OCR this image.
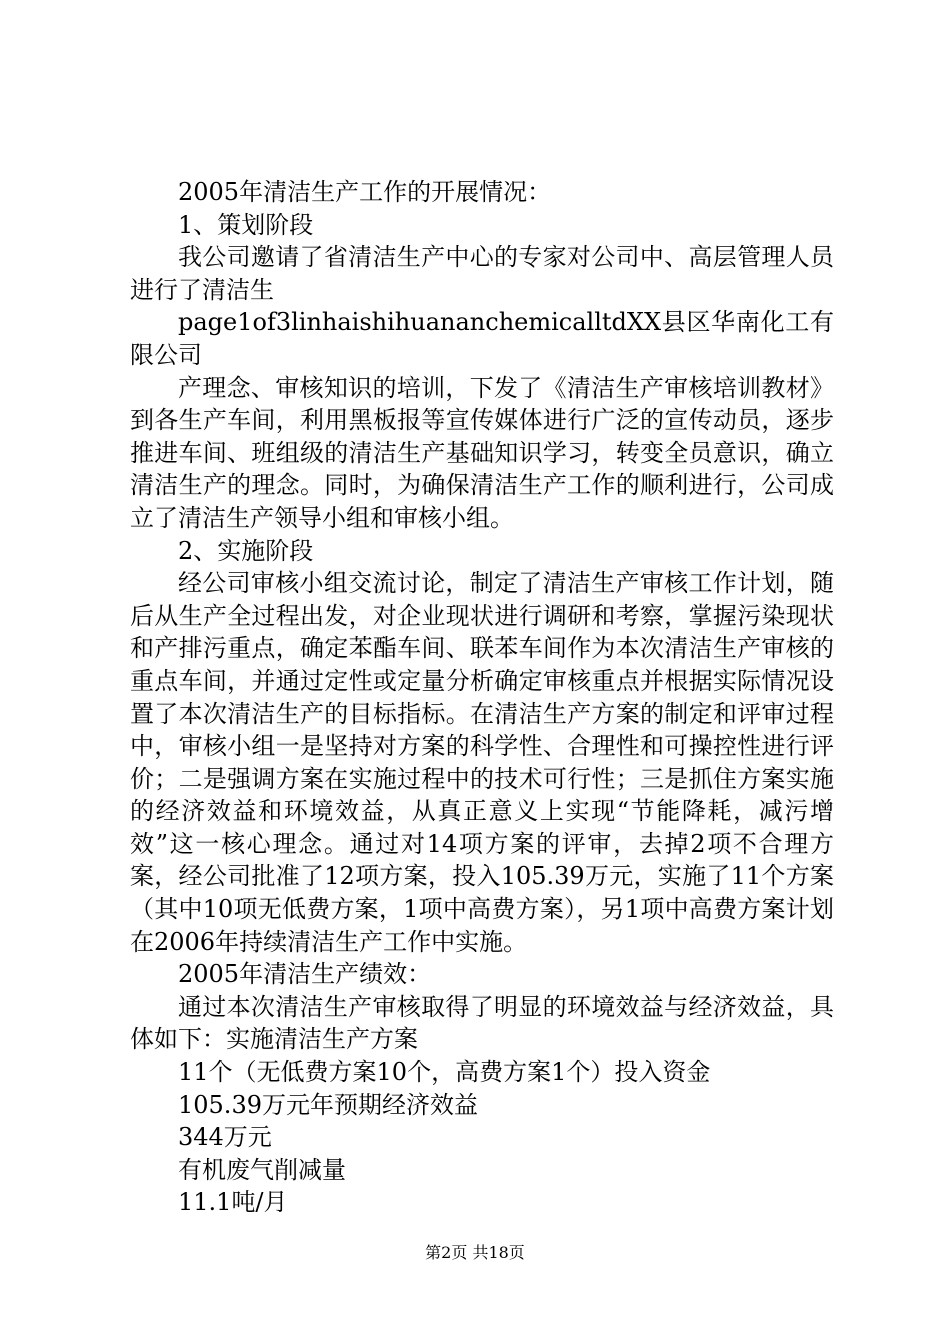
2005年清洁生产工作的开展情况：

1、策划阶段

我公司邀请了省清洁生产中心的专家对公司中、高层管理人员进行了清洁生

page1of3linhaishihuananchemicalltdXX县区华南化工有限公司

产理念、审核知识的培训，下发了《清洁生产审核培训教材》到各生产车间，利用黑板报等宣传媒体进行广泛的宣传动员，逐步推进车间、班组级的清洁生产基础知识学习，转变全员意识，确立清洁生产的理念。同时，为确保清洁生产工作的顺利进行，公司成立了清洁生产领导小组和审核小组。

2、实施阶段

经公司审核小组交流讨论，制定了清洁生产审核工作计划，随后从生产全过程出发，对企业现状进行调研和考察，掌握污染现状和产排污重点，确定苯酯车间、联苯车间作为本次清洁生产审核的重点车间，并通过定性或定量分析确定审核重点并根据实际情况设置了本次清洁生产的目标指标。在清洁生产方案的制定和评审过程中，审核小组一是坚持对方案的科学性、合理性和可操控性进行评价；二是强调方案在实施过程中的技术可行性；三是抓住方案实施的经济效益和环境效益，从真正意义上实现“节能降耗，减污增效”这一核心理念。通过对14项方案的评审，去掉2项不合理方案，经公司批准了12项方案，投入105.39万元，实施了11个方案（其中10项无低费方案，1项中高费方案），另1项中高费方案计划在2006年持续清洁生产工作中实施。

2005年清洁生产绩效：

通过本次清洁生产审核取得了明显的环境效益与经济效益，具体如下：实施清洁生产方案

11个（无低费方案10个，高费方案1个）投入资金

105.39万元年预期经济效益

344万元

有机废气削减量

11.1吨/月

第2页 共18页
